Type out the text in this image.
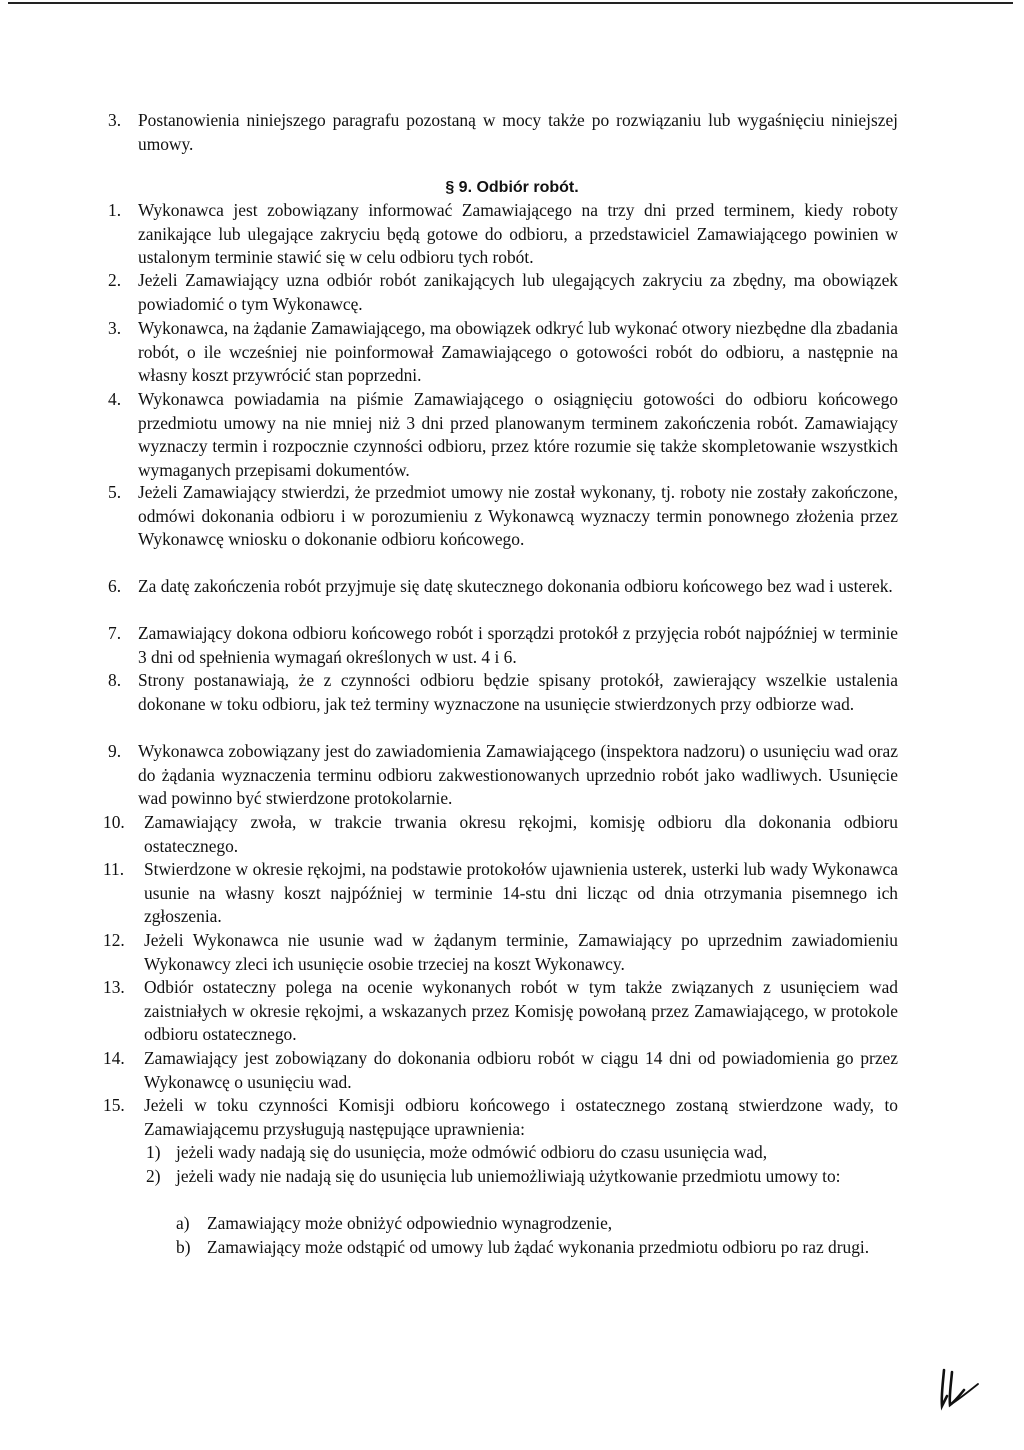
3. Postanowienia niniejszego paragrafu pozostaną w mocy także po rozwiązaniu lub wygaśnięciu niniejszej umowy.
§ 9. Odbiór robót.
1. Wykonawca jest zobowiązany informować Zamawiającego na trzy dni przed terminem, kiedy roboty zanikające lub ulegające zakryciu będą gotowe do odbioru, a przedstawiciel Zamawiającego powinien w ustalonym terminie stawić się w celu odbioru tych robót.
2. Jeżeli Zamawiający uzna odbiór robót zanikających lub ulegających zakryciu za zbędny, ma obowiązek powiadomić o tym Wykonawcę.
3. Wykonawca, na żądanie Zamawiającego, ma obowiązek odkryć lub wykonać otwory niezbędne dla zbadania robót, o ile wcześniej nie poinformował Zamawiającego o gotowości robót do odbioru, a następnie na własny koszt przywrócić stan poprzedni.
4. Wykonawca powiadamia na piśmie Zamawiającego o osiągnięciu gotowości do odbioru końcowego przedmiotu umowy na nie mniej niż 3 dni przed planowanym terminem zakończenia robót. Zamawiający wyznaczy termin i rozpocznie czynności odbioru, przez które rozumie się także skompletowanie wszystkich wymaganych przepisami dokumentów.
5. Jeżeli Zamawiający stwierdzi, że przedmiot umowy nie został wykonany, tj. roboty nie zostały zakończone, odmówi dokonania odbioru i w porozumieniu z Wykonawcą wyznaczy termin ponownego złożenia przez Wykonawcę wniosku o dokonanie odbioru końcowego.
6. Za datę zakończenia robót przyjmuje się datę skutecznego dokonania odbioru końcowego bez wad i usterek.
7. Zamawiający dokona odbioru końcowego robót i sporządzi protokół z przyjęcia robót najpóźniej w terminie 3 dni od spełnienia wymagań określonych w ust. 4 i 6.
8. Strony postanawiają, że z czynności odbioru będzie spisany protokół, zawierający wszelkie ustalenia dokonane w toku odbioru, jak też terminy wyznaczone na usunięcie stwierdzonych przy odbiorze wad.
9. Wykonawca zobowiązany jest do zawiadomienia Zamawiającego (inspektora nadzoru) o usunięciu wad oraz do żądania wyznaczenia terminu odbioru zakwestionowanych uprzednio robót jako wadliwych. Usunięcie wad powinno być stwierdzone protokolarnie.
10. Zamawiający zwoła, w trakcie trwania okresu rękojmi, komisję odbioru dla dokonania odbioru ostatecznego.
11. Stwierdzone w okresie rękojmi, na podstawie protokołów ujawnienia usterek, usterki lub wady Wykonawca usunie na własny koszt najpóźniej w terminie 14-stu dni licząc od dnia otrzymania pisemnego ich zgłoszenia.
12. Jeżeli Wykonawca nie usunie wad w żądanym terminie, Zamawiający po uprzednim zawiadomieniu Wykonawcy zleci ich usunięcie osobie trzeciej na koszt Wykonawcy.
13. Odbiór ostateczny polega na ocenie wykonanych robót w tym także związanych z usunięciem wad zaistniałych w okresie rękojmi, a wskazanych przez Komisję powołaną przez Zamawiającego, w protokole odbioru ostatecznego.
14. Zamawiający jest zobowiązany do dokonania odbioru robót w ciągu 14 dni od powiadomienia go przez Wykonawcę o usunięciu wad.
15. Jeżeli w toku czynności Komisji odbioru końcowego i ostatecznego zostaną stwierdzone wady, to Zamawiającemu przysługują następujące uprawnienia:
1) jeżeli wady nadają się do usunięcia, może odmówić odbioru do czasu usunięcia wad,
2) jeżeli wady nie nadają się do usunięcia lub uniemożliwiają użytkowanie przedmiotu umowy to:
a) Zamawiający może obniżyć odpowiednio wynagrodzenie,
b) Zamawiający może odstąpić od umowy lub żądać wykonania przedmiotu odbioru po raz drugi.
